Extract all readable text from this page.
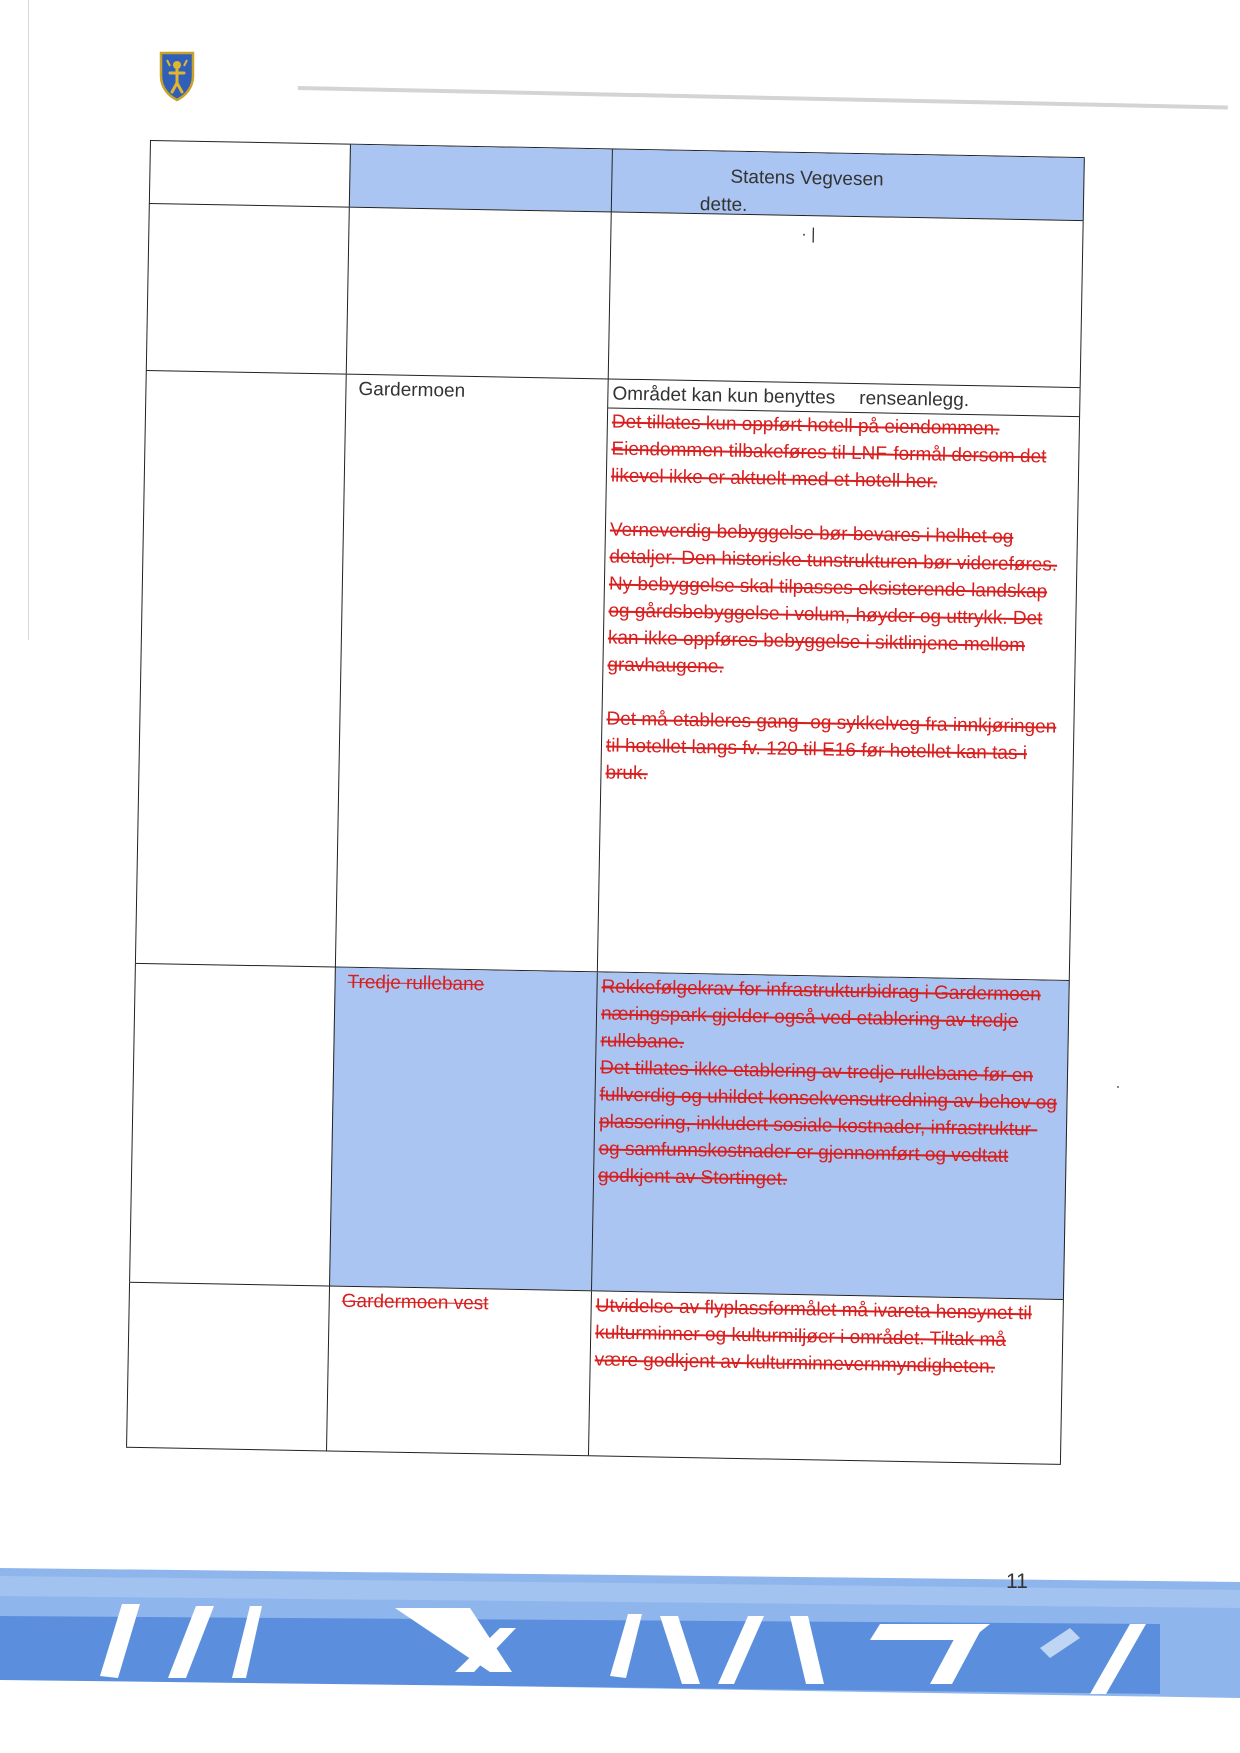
Statens Vegvesen
dette.
· |
Gardermoen	Området kan kun benyttes renseanlegg.

Det tillates kun oppført hotell på eiendommen. Eiendommen tilbakeføres til LNF-formål dersom det likevel ikke er aktuelt med et hotell her.

Verneverdig bebyggelse bør bevares i helhet og detaljer. Den historiske tunstrukturen bør videreføres. Ny bebyggelse skal tilpasses eksisterende landskap og gårdsbebyggelse i volum, høyder og uttrykk. Det kan ikke oppføres bebyggelse i siktlinjene mellom gravhaugene.

Det må etableres gang- og sykkelveg fra innkjøringen til hotellet langs fv. 120 til E16 før hotellet kan tas i bruk.

Tredje rullebane	Rekkefølgekrav for infrastrukturbidrag i Gardermoen næringspark gjelder også ved etablering av tredje rullebane.

Det tillates ikke etablering av tredje rullebane før en fullverdig og uhildet konsekvensutredning av behov og plassering, inkludert sosiale kostnader, infrastruktur- og samfunnskostnader er gjennomført og vedtatt godkjent av Stortinget.

Gardermoen vest	Utvidelse av flyplassformålet må ivareta hensynet til kulturminner og kulturmiljøer i området. Tiltak må være godkjent av kulturminnevernmyndigheten.

11
